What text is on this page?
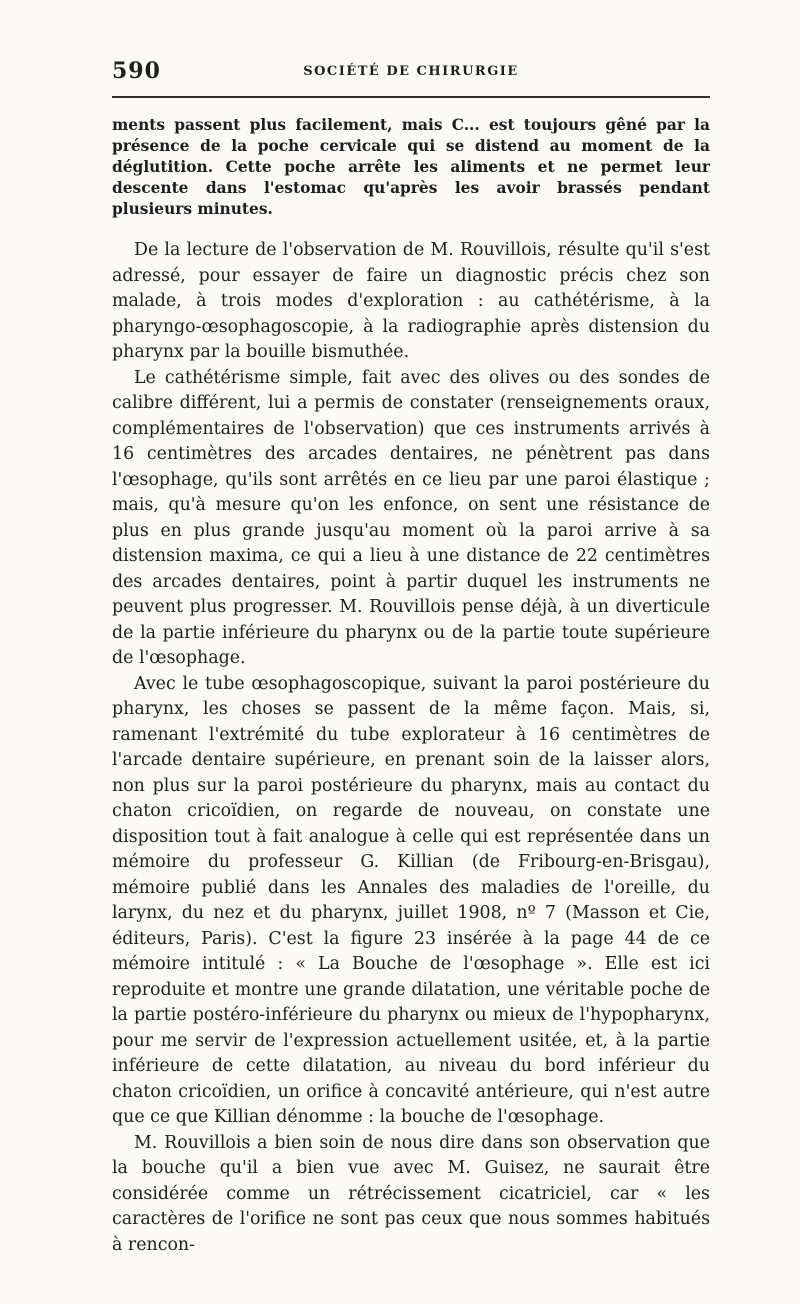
590	SOCIÉTÉ DE CHIRURGIE

ments passent plus facilement, mais C... est toujours gêné par la présence de la poche cervicale qui se distend au moment de la déglutition. Cette poche arrête les aliments et ne permet leur descente dans l'estomac qu'après les avoir brassés pendant plusieurs minutes.

De la lecture de l'observation de M. Rouvillois, résulte qu'il s'est adressé, pour essayer de faire un diagnostic précis chez son malade, à trois modes d'exploration : au cathétérisme, à la pharyngo-œsophagoscopie, à la radiographie après distension du pharynx par la bouille bismuthée.

Le cathétérisme simple, fait avec des olives ou des sondes de calibre différent, lui a permis de constater (renseignements oraux, complémentaires de l'observation) que ces instruments arrivés à 16 centimètres des arcades dentaires, ne pénètrent pas dans l'œsophage, qu'ils sont arrêtés en ce lieu par une paroi élastique ; mais, qu'à mesure qu'on les enfonce, on sent une résistance de plus en plus grande jusqu'au moment où la paroi arrive à sa distension maxima, ce qui a lieu à une distance de 22 centimètres des arcades dentaires, point à partir duquel les instruments ne peuvent plus progresser. M. Rouvillois pense déjà, à un diverticule de la partie inférieure du pharynx ou de la partie toute supérieure de l'œsophage.

Avec le tube œsophagoscopique, suivant la paroi postérieure du pharynx, les choses se passent de la même façon. Mais, si, ramenant l'extrémité du tube explorateur à 16 centimètres de l'arcade dentaire supérieure, en prenant soin de la laisser alors, non plus sur la paroi postérieure du pharynx, mais au contact du chaton cricoïdien, on regarde de nouveau, on constate une disposition tout à fait analogue à celle qui est représentée dans un mémoire du professeur G. Killian (de Fribourg-en-Brisgau), mémoire publié dans les Annales des maladies de l'oreille, du larynx, du nez et du pharynx, juillet 1908, nº 7 (Masson et Cie, éditeurs, Paris). C'est la figure 23 insérée à la page 44 de ce mémoire intitulé : « La Bouche de l'œsophage ». Elle est ici reproduite et montre une grande dilatation, une véritable poche de la partie postéro-inférieure du pharynx ou mieux de l'hypopharynx, pour me servir de l'expression actuellement usitée, et, à la partie inférieure de cette dilatation, au niveau du bord inférieur du chaton cricoïdien, un orifice à concavité antérieure, qui n'est autre que ce que Killian dénomme : la bouche de l'œsophage.

M. Rouvillois a bien soin de nous dire dans son observation que la bouche qu'il a bien vue avec M. Guisez, ne saurait être considérée comme un rétrécissement cicatriciel, car « les caractères de l'orifice ne sont pas ceux que nous sommes habitués à rencon-
